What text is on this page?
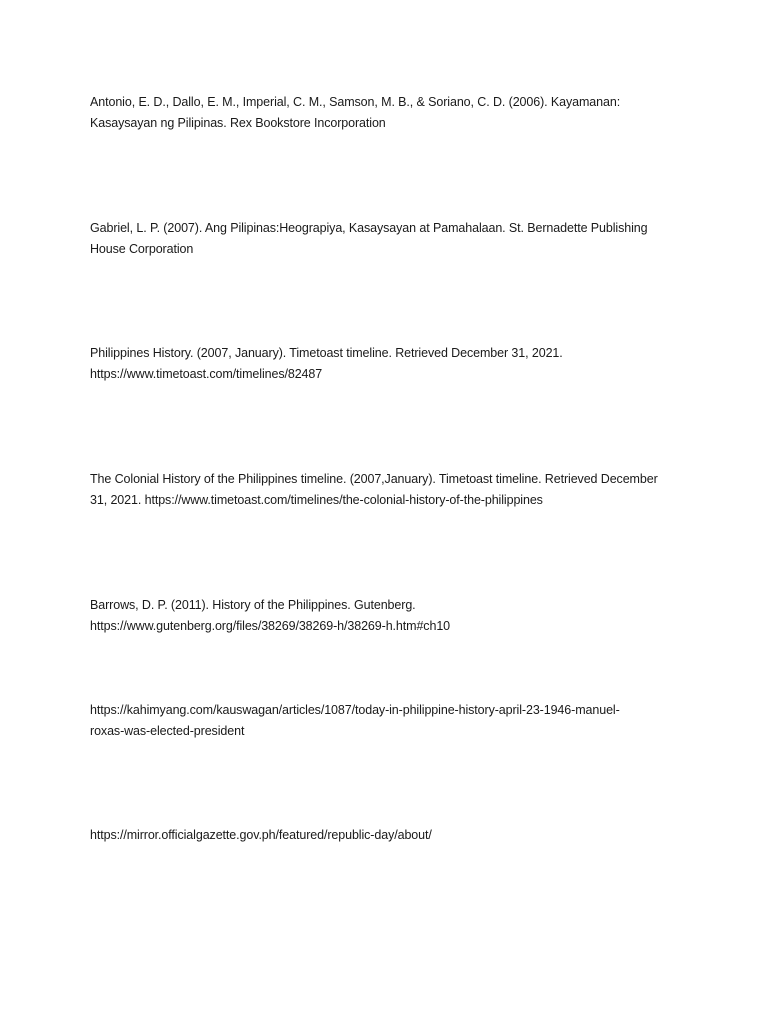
Antonio, E. D., Dallo, E. M., Imperial, C. M., Samson, M. B., & Soriano, C. D. (2006). Kayamanan:
Kasaysayan ng Pilipinas. Rex Bookstore Incorporation
Gabriel, L. P. (2007). Ang Pilipinas:Heograpiya, Kasaysayan at Pamahalaan. St. Bernadette Publishing
House Corporation
Philippines History. (2007, January). Timetoast timeline. Retrieved December 31, 2021.
https://www.timetoast.com/timelines/82487
The Colonial History of the Philippines timeline. (2007,January). Timetoast timeline. Retrieved December
31, 2021. https://www.timetoast.com/timelines/the-colonial-history-of-the-philippines
Barrows, D. P. (2011). History of the Philippines. Gutenberg.
https://www.gutenberg.org/files/38269/38269-h/38269-h.htm#ch10
https://kahimyang.com/kauswagan/articles/1087/today-in-philippine-history-april-23-1946-manuel-
roxas-was-elected-president
https://mirror.officialgazette.gov.ph/featured/republic-day/about/
